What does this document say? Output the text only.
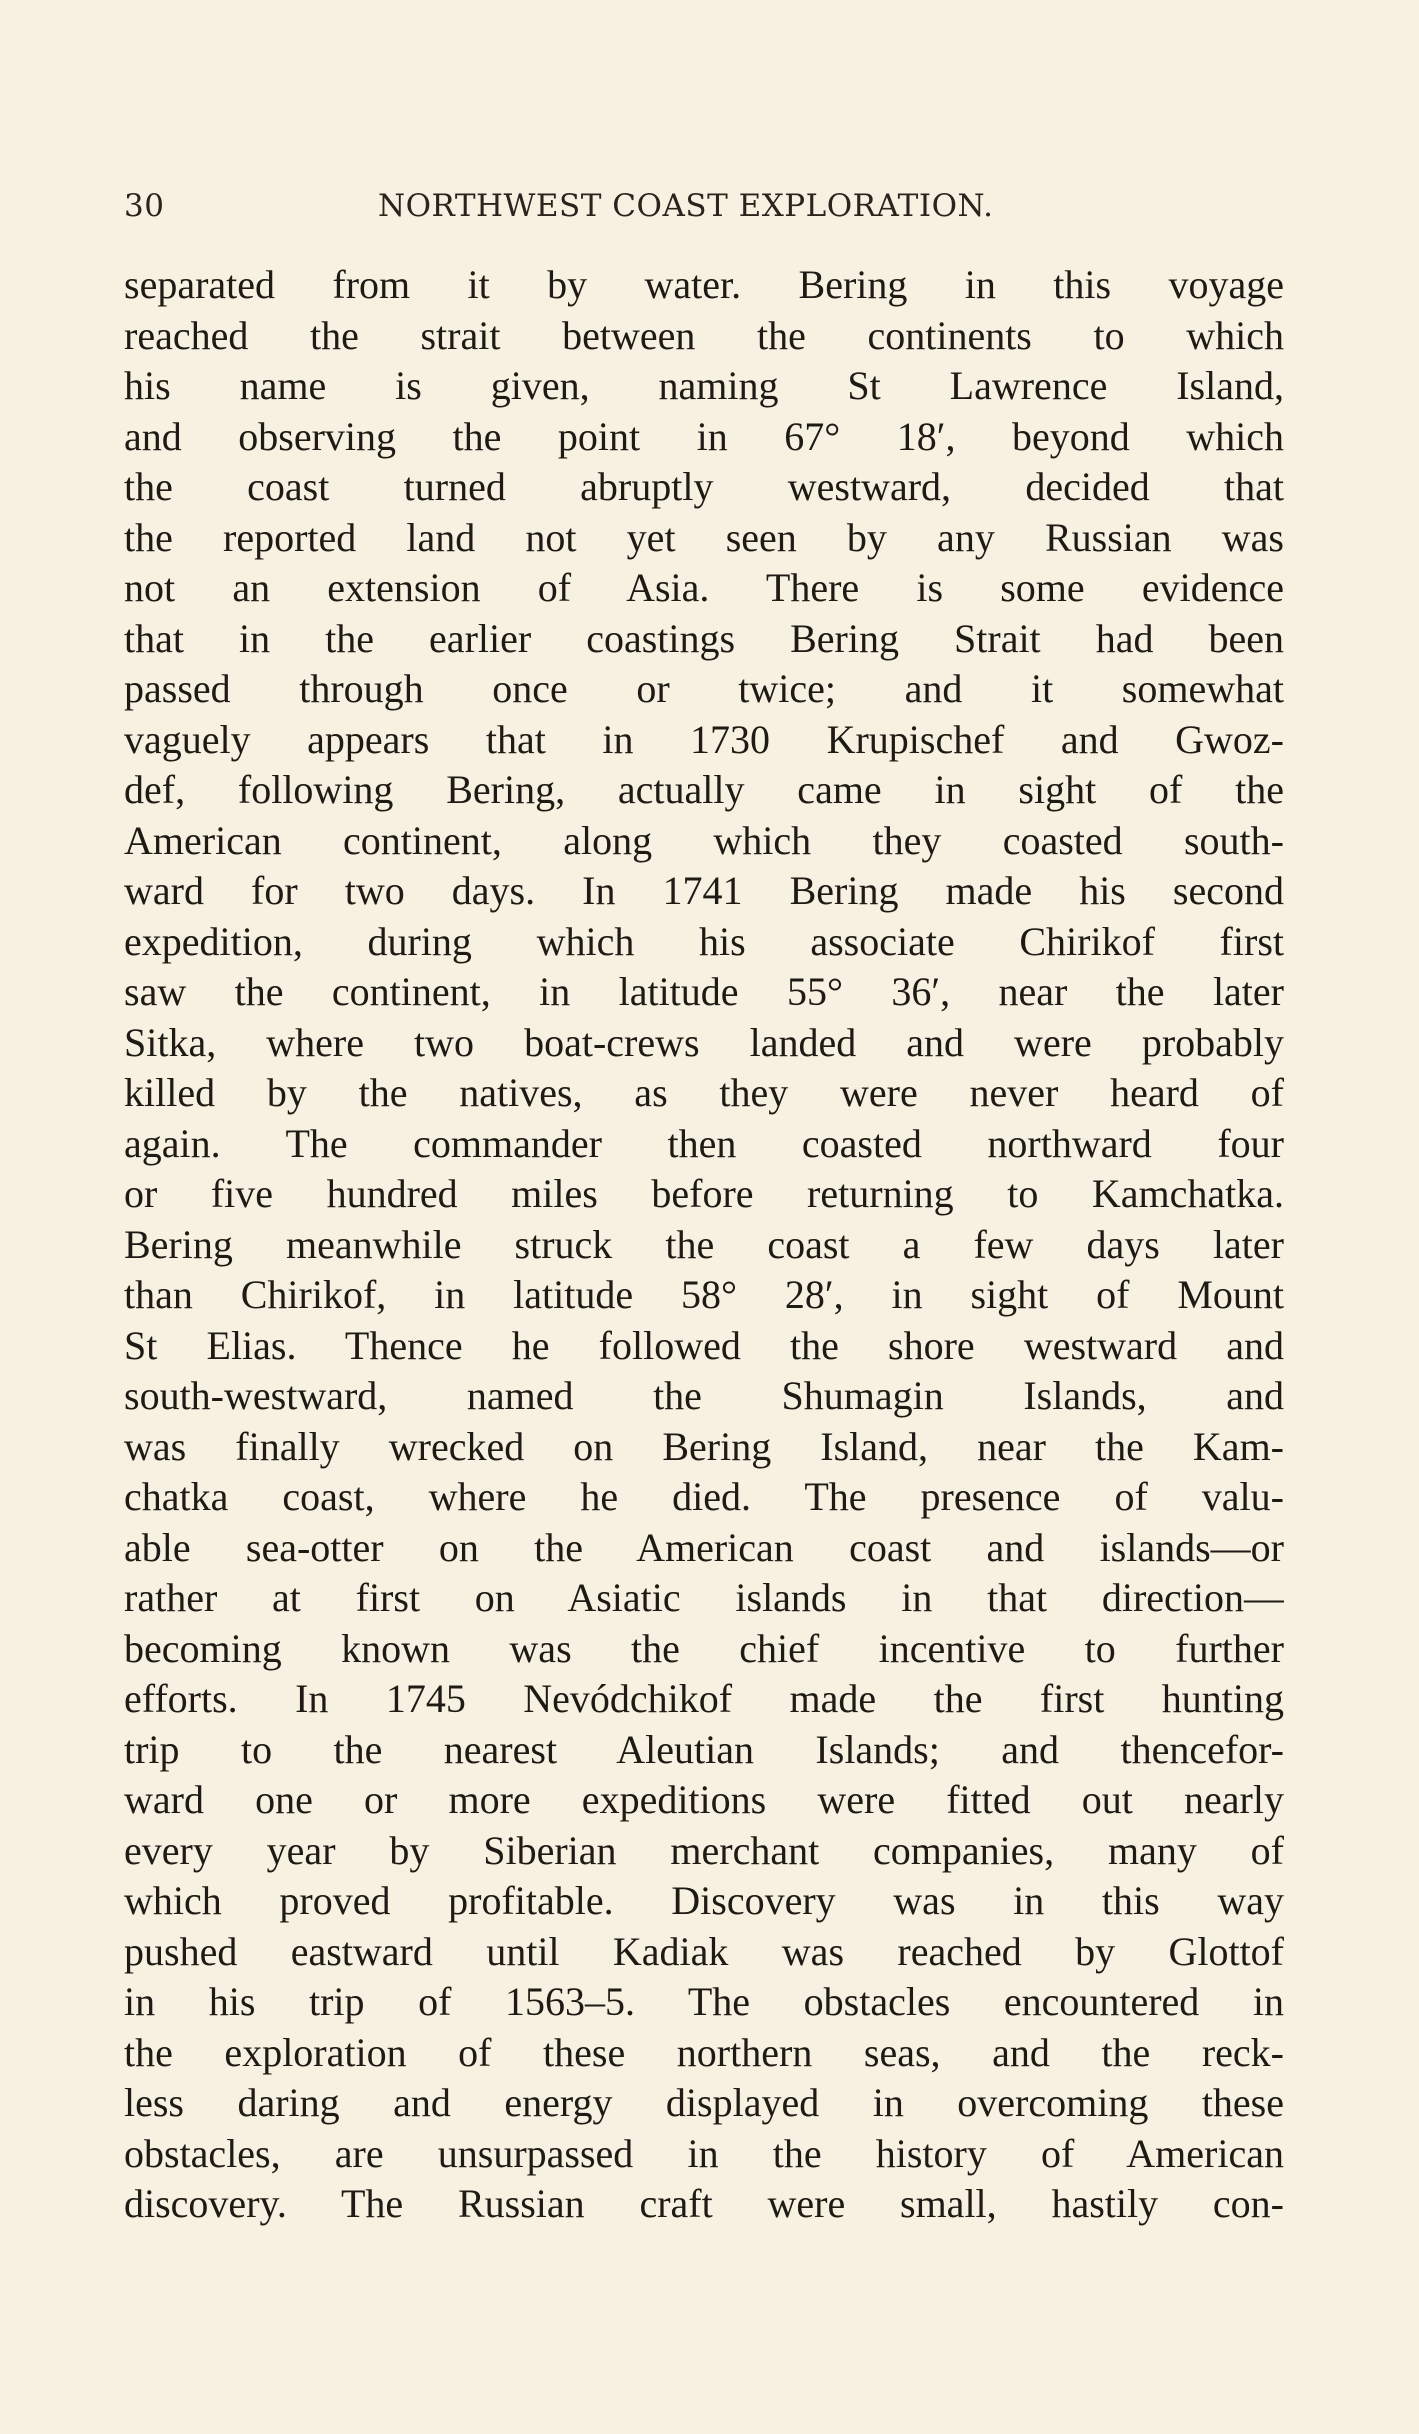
30	NORTHWEST COAST EXPLORATION.
separated from it by water. Bering in this voyage
reached the strait between the continents to which
his name is given, naming St Lawrence Island,
and observing the point in 67° 18′, beyond which
the coast turned abruptly westward, decided that
the reported land not yet seen by any Russian was
not an extension of Asia. There is some evidence
that in the earlier coastings Bering Strait had been
passed through once or twice; and it somewhat
vaguely appears that in 1730 Krupischef and Gwoz-
def, following Bering, actually came in sight of the
American continent, along which they coasted south-
ward for two days. In 1741 Bering made his second
expedition, during which his associate Chirikof first
saw the continent, in latitude 55° 36′, near the later
Sitka, where two boat-crews landed and were probably
killed by the natives, as they were never heard of
again. The commander then coasted northward four
or five hundred miles before returning to Kamchatka.
Bering meanwhile struck the coast a few days later
than Chirikof, in latitude 58° 28′, in sight of Mount
St Elias. Thence he followed the shore westward and
south-westward, named the Shumagin Islands, and
was finally wrecked on Bering Island, near the Kam-
chatka coast, where he died. The presence of valu-
able sea-otter on the American coast and islands—or
rather at first on Asiatic islands in that direction—
becoming known was the chief incentive to further
efforts. In 1745 Nevódchikof made the first hunting
trip to the nearest Aleutian Islands; and thencefor-
ward one or more expeditions were fitted out nearly
every year by Siberian merchant companies, many of
which proved profitable. Discovery was in this way
pushed eastward until Kadiak was reached by Glottof
in his trip of 1563–5. The obstacles encountered in
the exploration of these northern seas, and the reck-
less daring and energy displayed in overcoming these
obstacles, are unsurpassed in the history of American
discovery. The Russian craft were small, hastily con-
